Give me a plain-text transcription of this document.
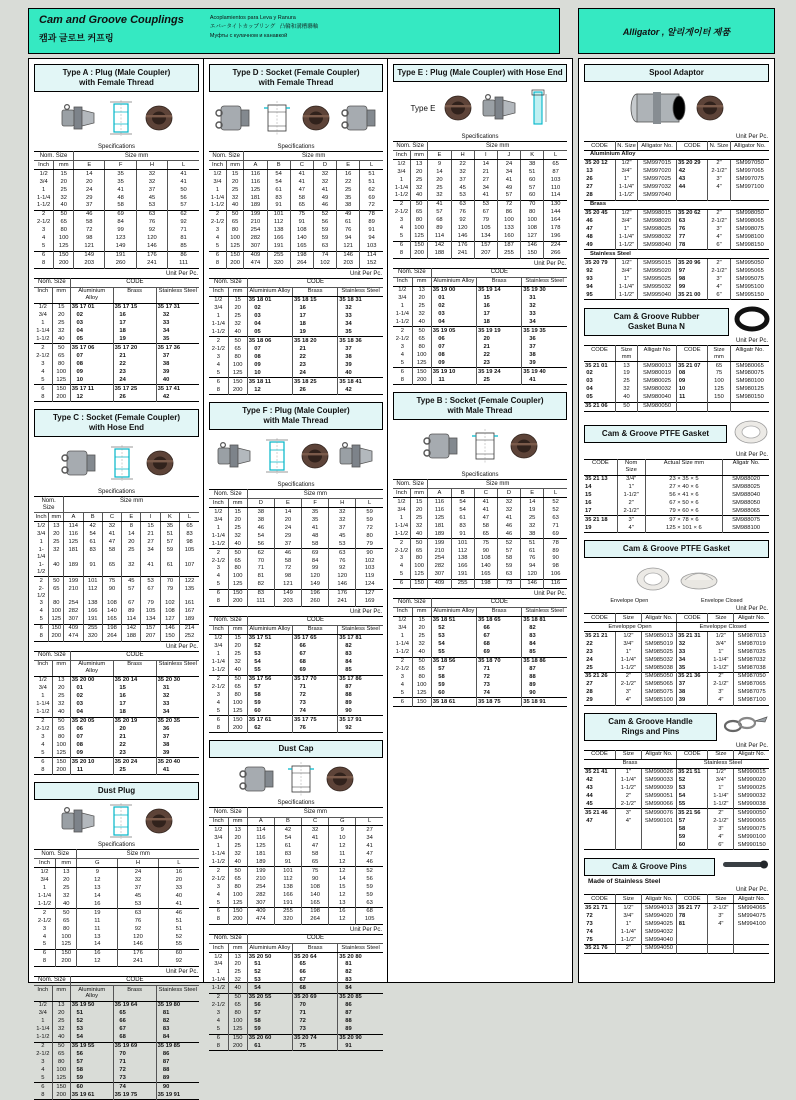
Cam and Groove Couplings
캠과 글로브 커프링
Acoplamientos para Leva y Ranura
エバータイトカップリング 凸輪和溝槽聯軸
Муфты с кулачном и канавкой	Alligator , 알리게이터 제품
Type A : Plug (Male Coupler)
with Female Thread
Specifications
Nom. Size		Size mm			
Inch	mm	E	F	H	L
1/2	15	14	35	32	41
3/4	20	20	35	32	41
1	25	24	41	37	50
1-1/4	32	29	48	45	56
1-1/2	40	37	58	53	57
2	50	46	69	63	62
2-1/2	65	58	84	76	92
3	80	72	99	92	71
4	100	98	123	120	81
5	125	121	149	146	85
6	150	149	191	176	86
8	200	203	260	241	111
Unit Per Pc.
Nom. Size		CODE		
Inch	mm	Aluminium Alloy	Brass	Stainless Steel
1/2	15	35 17 01	35 17 15	35 17 31
3/4	20	02	16	32
1	25	03	17	33
1-1/4	32	04	18	34
1-1/2	40	05	19	35
2	50	35 17 06	35 17 20	35 17 36
2-1/2	65	07	21	37
3	80	08	22	38
4	100	09	23	39
5	125	10	24	40
6	150	35 17 11	35 17 25	35 17 41
8	200	12	26	42
Type C : Socket (Female Coupler)
with Hose End
Specifications
Nom. Size		Size mm						
Inch	mm	A	B	C	E	I	K	L
1/2	13	114	42	32	8	15	35	65
3/4	20	116	54	41	14	21	51	83
1	25	125	61	47	20	27	57	98
1-1/4	32	181	83	58	25	34	59	105
1-1/2	40	189	91	65	32	41	61	107
2	50	199	101	75	45	53	70	122
2-1/2	65	210	112	90	57	67	79	135
3	80	254	138	108	67	79	102	161
4	100	282	166	140	89	105	108	167
5	125	307	191	165	114	134	127	189
6	150	409	255	198	142	157	146	214
8	200	474	320	264	188	207	150	252
Unit Per Pc.
Nom. Size		CODE		
Inch	mm	Aluminium Alloy	Brass	Stainless Steel
1/2	13	35 20 00	35 20 14	35 20 30
3/4	20	01	15	31
1	25	02	16	32
1-1/4	32	03	17	33
1-1/2	40	04	18	34
2	50	35 20 05	35 20 19	35 20 35
2-1/2	65	06	20	36
3	80	07	21	37
4	100	08	22	38
5	125	09	23	39
6	150	35 20 10	35 20 24	35 20 40
8	200	11	25	41
Dust Plug
Specifications
Nom. Size		Size mm		
Inch	mm	G	H	L
1/2	13	9	24	16
3/4	20	12	32	20
1	25	13	37	33
1-1/4	32	14	45	40
1-1/2	40	16	53	41
2	50	19	63	46
2-1/2	65	11	76	51
3	80	11	92	51
4	100	13	120	52
5	125	14	146	55
6	150	16	176	60
8	200	12	241	92
Unit Per Pc.
Nom. Size		CODE		
Inch	mm	Aluminium Alloy	Brass	Stainless Steel
1/2	13	35 19 50	35 19 64	35 19 80
3/4	20	51	65	81
1	25	52	66	82
1-1/4	32	53	67	83
1-1/2	40	54	68	84
2	50	35 19 55	35 19 69	35 19 85
2-1/2	65	56	70	86
3	80	57	71	87
4	100	58	72	88
5	125	59	73	89
6	150	60	74	90
8	200	35 19 61	35 19 75	35 19 91
Type D : Socket (Female Coupler)
with Female Thread
Specifications
Nom. Size		Size mm					
Inch	mm	A	B	C	D	E	L
1/2	15	116	54	41	32	16	51
3/4	20	116	54	41	32	22	51
1	25	125	61	47	41	25	62
1-1/4	32	181	83	58	49	35	69
1-1/2	40	189	91	65	46	38	72
2	50	199	101	75	52	49	78
2-1/2	65	210	112	91	56	61	89
3	80	254	138	108	59	76	91
4	100	282	166	140	59	94	94
5	125	307	191	165	63	121	103
6	150	409	255	198	74	146	114
8	200	474	320	264	102	203	152
Unit Per Pc.
Nom. Size		CODE		
Inch	mm	Aluminium Alloy	Brass	Stainless Steel
1/2	15	35 18 01	35 18 15	35 18 31
3/4	20	02	16	32
1	25	03	17	33
1-1/4	32	04	18	34
1-1/2	40	05	19	35
2	50	35 18 06	35 18 20	35 18 36
2-1/2	65	07	21	37
3	80	08	22	38
4	100	09	23	39
5	125	10	24	40
6	150	35 18 11	35 18 25	35 18 41
8	200	12	26	42
Type F : Plug (Male Coupler)
with Male Thread
Specifications
Nom. Size		Size mm				
Inch	mm	D	E	F	H	L
1/2	15	38	14	35	32	59
3/4	20	38	20	35	32	59
1	25	46	24	41	37	72
1-1/4	32	54	29	48	45	80
1-1/2	40	56	37	58	53	79
2	50	62	46	69	63	90
2-1/2	65	70	58	84	76	102
3	80	71	72	99	92	103
4	100	81	98	120	120	119
5	125	82	121	149	146	124
6	150	83	149	196	176	127
8	200	111	203	260	241	169
Unit Per Pc.
Nom. Size		CODE		
Inch	mm	Aluminium Alloy	Brass	Stainless Steel
1/2	15	35 17 51	35 17 65	35 17 81
3/4	20	52	66	82
1	25	53	67	83
1-1/4	32	54	68	84
1-1/2	40	55	69	85
2	50	35 17 56	35 17 70	35 17 86
2-1/2	65	57	71	87
3	80	58	72	88
4	100	59	73	89
5	125	60	74	90
6	150	35 17 61	35 17 75	35 17 91
8	200	62	76	92
Dust Cap
Specifications
Nom. Size		Size mm				
Inch	mm	A	B	C	G	L
1/2	13	114	42	32	9	27
3/4	20	116	54	41	10	34
1	25	125	61	47	12	41
1-1/4	32	181	83	58	11	47
1-1/2	40	189	91	65	12	46
2	50	199	101	75	12	52
2-1/2	65	210	112	90	14	56
3	80	254	138	108	15	59
4	100	282	166	140	12	59
5	125	307	191	165	13	63
6	150	409	255	198	16	68
8	200	474	320	264	12	105
Unit Per Pc.
Nom. Size		CODE		
Inch	mm	Aluminium Alloy	Brass	Stainless Steel
1/2	13	35 20 50	35 20 64	35 20 80
3/4	20	51	65	81
1	25	52	66	82
1-1/4	32	53	67	83
1-1/2	40	54	68	84
2	50	35 20 55	35 20 69	35 20 85
2-1/2	65	56	70	86
3	80	57	71	87
4	100	58	72	88
5	125	59	73	89
6	150	35 20 60	35 20 74	35 20 90
8	200	61	75	91
Type E : Plug (Male Coupler) with Hose End
Type E
Specifications
Nom. Size		Size mm					
Inch	mm	E	H	I	J	K	L
1/2	13	9	22	14	24	38	65
3/4	20	14	32	21	34	51	87
1	25	20	37	27	41	60	103
1-1/4	32	25	45	34	49	57	110
1-1/2	40	32	53	41	57	60	114
2	50	41	63	53	72	70	130
2-1/2	65	57	76	67	86	80	144
3	80	68	92	79	100	100	164
4	100	89	120	105	133	108	178
5	125	114	146	134	160	127	196
6	150	142	176	157	187	146	224
8	200	188	241	207	255	150	266
Unit Per Pc.
Nom. Size		CODE		
Inch	mm	Aluminium Alloy	Brass	Stainless Steel
1/2	13	35 19 00	35 19 14	35 19 30
3/4	20	01	15	31
1	25	02	16	32
1-1/4	32	03	17	33
1-1/2	40	04	18	34
2	50	35 19 05	35 19 19	35 19 35
2-1/2	65	06	20	36
3	80	07	21	37
4	100	08	22	38
5	125	09	23	39
6	150	35 19 10	35 19 24	35 19 40
8	200	11	25	41
Type B : Socket (Female Coupler)
with Male Thread
Specifications
Nom. Size		Size mm					
Inch	mm	A	B	C	D	E	L
1/2	15	116	54	41	32	14	52
3/4	20	116	54	41	32	19	52
1	25	125	61	47	41	25	63
1-1/4	32	181	83	58	46	32	71
1-1/2	40	189	91	65	46	38	69
2	50	199	101	75	52	51	78
2-1/2	65	210	112	90	57	61	89
3	80	254	138	108	58	76	90
4	100	282	166	140	59	94	98
5	125	307	191	165	63	120	106
6	150	409	255	198	73	146	116
Unit Per Pc.
Nom. Size		CODE		
Inch	mm	Aluminium Alloy	Brass	Stainless Steel
1/2	15	35 18 51	35 18 65	35 18 81
3/4	20	52	66	82
1	25	53	67	83
1-1/4	32	54	68	84
1-1/2	40	55	69	85
2	50	35 18 56	35 18 70	35 18 86
2-1/2	65	57	71	87
3	80	58	72	88
4	100	59	73	89
5	125	60	74	90
6	150	35 18 61	35 18 75	35 18 91
Spool Adaptor
Unit Per Pc.
CODE	N. Size	Alligator No.	CODE	N. Size	Alligator No.
Aluminium Alloy					
35 20 12	1/2"	SM997015	35 20 29	2"	SM997050
13	3/4"	SM997020	42	2-1/2"	SM997065
26	1"	SM997025	43	3"	SM997075
27	1-1/4"	SM997032	44	4"	SM997100
28	1-1/2"	SM997040			
Brass					
35 20 45	1/2"	SM998015	35 20 62	2"	SM998050
46	3/4"	SM998020	63	2-1/2"	SM998065
47	1"	SM998025	76	3"	SM998075
48	1-1/4"	SM998032	77	4"	SM998100
49	1-1/2"	SM998040	78	6"	SM998150
Stainless Steel					
35 20 79	1/2"	SM995015	35 20 96	2"	SM995050
92	3/4"	SM995020	97	2-1/2"	SM995065
93	1"	SM995025	98	3"	SM995075
94	1-1/4"	SM995032	99	4"	SM995100
95	1-1/2"	SM995040	35 21 00	6"	SM995150
Cam & Groove Rubber
Gasket Buna N
Unit Per Pc.
CODE	Size mm	Alligatr No	CODE	Size mm	Alligatr No.
35 21 01	13	SM980013	35 21 07	65	SM980065
02	19	SM980019	08	75	SM980075
03	25	SM980025	09	100	SM980100
04	32	SM980032	10	125	SM980125
05	40	SM980040	11	150	SM980150
35 21 06	50	SM980050			
Cam & Groove PTFE Gasket
Unit Per Pc.
CODE	Nom Size	Actual Size mm	Aligatr No.
35 21 13	3/4"	23 × 35 × 5	SM988020
14	1"	27 × 40 × 6	SM988025
15	1-1/2"	56 × 41 × 6	SM988040
16	2"	67 × 50 × 6	SM988050
17	2-1/2"	79 × 60 × 6	SM988065
35 21 18	3"	97 × 78 × 6	SM988075
19	4"	125 × 101 × 6	SM988100
Cam & Groove PTFE Gasket
Envelope Open	Envelope Closed
Unit Per Pc.
CODE	Size	Aligatr No.	CODE	Size	Aligatr No.
Enveloppe Open			Enveloppe Closed		
35 21 21	1/2"	SM985013	35 21 31	1/2"	SM987013
22	3/4"	SM985019	32	3/4"	SM987019
23	1"	SM985025	33	1"	SM987025
24	1-1/4"	SM985032	34	1-1/4"	SM987032
25	1-1/2"	SM985038	35	1-1/2"	SM987038
35 21 26	2"	SM985050	35 21 36	2"	SM987050
27	2-1/2"	SM985065	37	2-1/2"	SM987065
28	3"	SM985075	38	3"	SM987075
29	4"	SM985100	39	4"	SM987100
Cam & Groove Handle
Rings and Pins
Unit Per Pc.
CODE	Size	Aligatr No.	CODE	Size	Aligatr No.
Brass			Stainless Steel		
35 21 41	1"	SM990026	35 21 51	1/2"	SM990015
42	1-1/4"	SM990033	52	3/4"	SM990020
43	1-1/2"	SM990039	53	1"	SM990025
44	2"	SM990051	54	1-1/4"	SM990032
45	2-1/2"	SM990066	55	1-1/2"	SM990038
35 21 46	3"	SM990076	35 21 56	2"	SM990050
47	4"	SM990101	57	2-1/2"	SM990065
			58	3"	SM990075
			59	4"	SM990100
			60	6"	SM990150
Cam & Groove Pins
Made of Stainless Steel
Unit Per Pc.
CODE	Size	Aligatr No.	CODE	Size	Aligatr No.
35 21 71	1/2"	SM994013	35 21 77	2-1/2"	SM994065
72	3/4"	SM994020	78	3"	SM994075
73	1"	SM994025	81	4"	SM994100
74	1-1/4"	SM994032			
75	1-1/2"	SM994040			
35 21 76	2"	SM994050			
